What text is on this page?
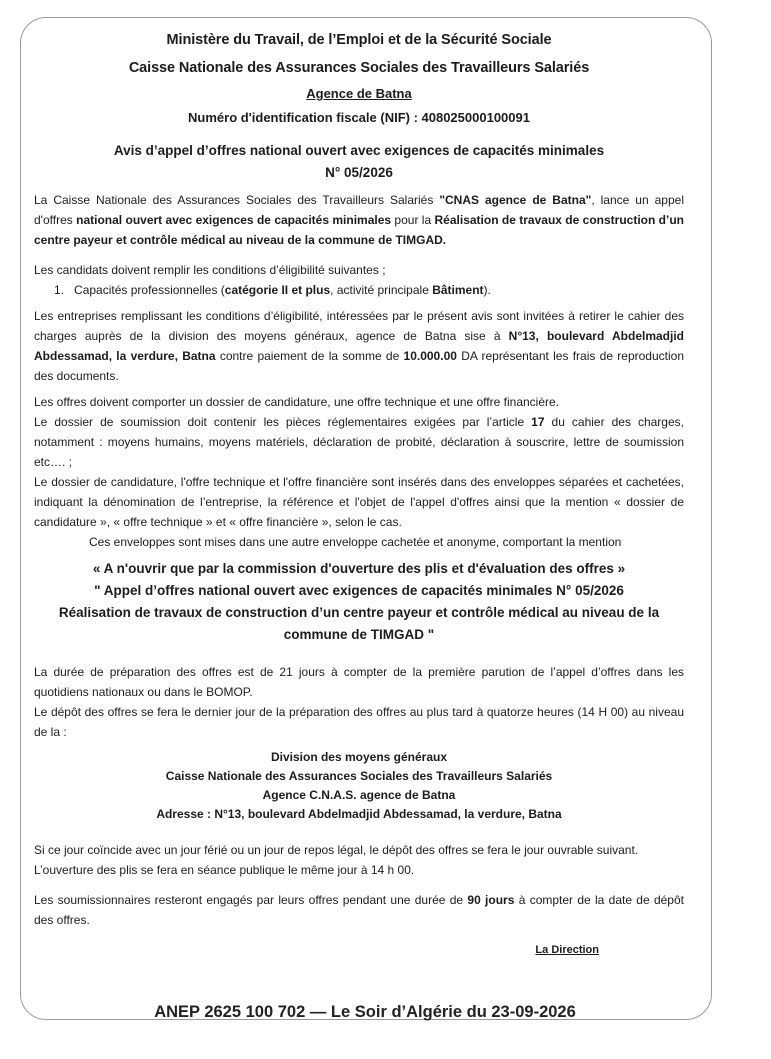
Ministère du Travail, de l’Emploi et de la Sécurité Sociale
Caisse Nationale des Assurances Sociales des Travailleurs Salariés
Agence de Batna
Numéro d'identification fiscale (NIF) : 408025000100091
Avis d’appel d’offres national ouvert avec exigences de capacités minimales
N° 05/2026

La Caisse Nationale des Assurances Sociales des Travailleurs Salariés "CNAS agence de Batna", lance un appel d'offres national ouvert avec exigences de capacités minimales pour la Réalisation de travaux de construction d’un centre payeur et contrôle médical au niveau de la commune de TIMGAD.

Les candidats doivent remplir les conditions d’éligibilité suivantes ;

1. Capacités professionnelles (catégorie II et plus, activité principale Bâtiment).

Les entreprises remplissant les conditions d’éligibilité, intéressées par le présent avis sont invitées à retirer le cahier des charges auprès de la division des moyens généraux, agence de Batna sise à N°13, boulevard Abdelmadjid Abdessamad, la verdure, Batna contre paiement de la somme de 10.000.00 DA représentant les frais de reproduction des documents.

Les offres doivent comporter un dossier de candidature, une offre technique et une offre financière.

Le dossier de soumission doit contenir les pièces réglementaires exigées par l’article 17 du cahier des charges, notamment : moyens humains, moyens matériels, déclaration de probité, déclaration à souscrire, lettre de soumission etc…. ;

Le dossier de candidature, l'offre technique et l'offre financière sont insérés dans des enveloppes séparées et cachetées, indiquant la dénomination de l’entreprise, la référence et l'objet de l'appel d'offres ainsi que la mention « dossier de candidature », « offre technique » et « offre financière », selon le cas.

Ces enveloppes sont mises dans une autre enveloppe cachetée et anonyme, comportant la mention

« A n'ouvrir que par la commission d'ouverture des plis et d'évaluation des offres »
" Appel d’offres national ouvert avec exigences de capacités minimales N° 05/2026
Réalisation de travaux de construction d’un centre payeur et contrôle médical au niveau de la commune de TIMGAD "

La durée de préparation des offres est de 21 jours à compter de la première parution de l’appel d’offres dans les quotidiens nationaux ou dans le BOMOP.

Le dépôt des offres se fera le dernier jour de la préparation des offres au plus tard à quatorze heures (14 H 00) au niveau de la :

Division des moyens généraux
Caisse Nationale des Assurances Sociales des Travailleurs Salariés
Agence C.N.A.S. agence de Batna
Adresse : N°13, boulevard Abdelmadjid Abdessamad, la verdure, Batna

Si ce jour coïncide avec un jour férié ou un jour de repos légal, le dépôt des offres se fera le jour ouvrable suivant.

L’ouverture des plis se fera en séance publique le même jour à 14 h 00.

Les soumissionnaires resteront engagés par leurs offres pendant une durée de 90 jours à compter de la date de dépôt des offres.

La Direction
ANEP 2625 100 702 — Le Soir d’Algérie du 23-09-2026
